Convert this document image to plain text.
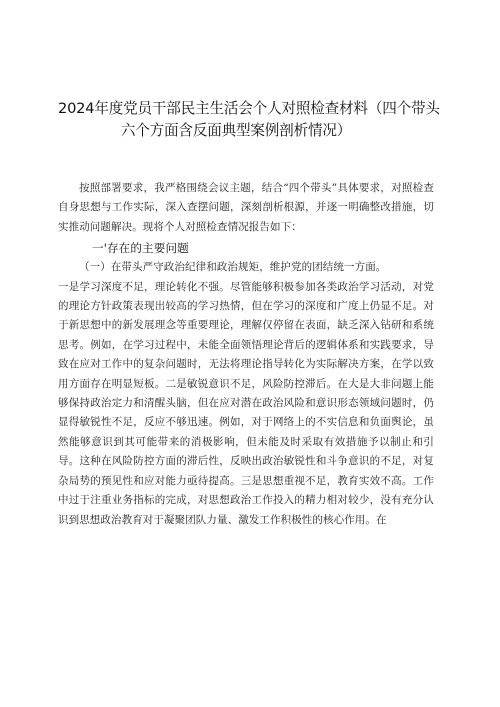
2024年度党员干部民主生活会个人对照检查材料（四个带头
六个方面含反面典型案例剖析情况）

按照部署要求，我严格围绕会议主题，结合“四个带头”具体要求，对照检查自身思想与工作实际，深入查摆问题，深刻剖析根源，并逐一明确整改措施，切实推动问题解决。现将个人对照检查情况报告如下：

一'存在的主要问题

（一）在带头严守政治纪律和政治规矩，维护党的团结统一方面。

一是学习深度不足，理论转化不强。尽管能够积极参加各类政治学习活动，对党的理论方针政策表现出较高的学习热情，但在学习的深度和广度上仍显不足。对于新思想中的新发展理念等重要理论，理解仅停留在表面，缺乏深入钻研和系统思考。例如，在学习过程中，未能全面领悟理论背后的逻辑体系和实践要求，导致在应对工作中的复杂问题时，无法将理论指导转化为实际解决方案，在学以致用方面存在明显短板。二是敏锐意识不足，风险防控滞后。在大是大非问题上能够保持政治定力和清醒头脑，但在应对潜在政治风险和意识形态领域问题时，仍显得敏锐性不足，反应不够迅速。例如，对于网络上的不实信息和负面舆论，虽然能够意识到其可能带来的消极影响，但未能及时采取有效措施予以制止和引导。这种在风险防控方面的滞后性，反映出政治敏锐性和斗争意识的不足，对复杂局势的预见性和应对能力亟待提高。三是思想重视不足，教育实效不高。工作中过于注重业务指标的完成，对思想政治工作投入的精力相对较少，没有充分认识到思想政治教育对于凝聚团队力量、激发工作积极性的核心作用。在
